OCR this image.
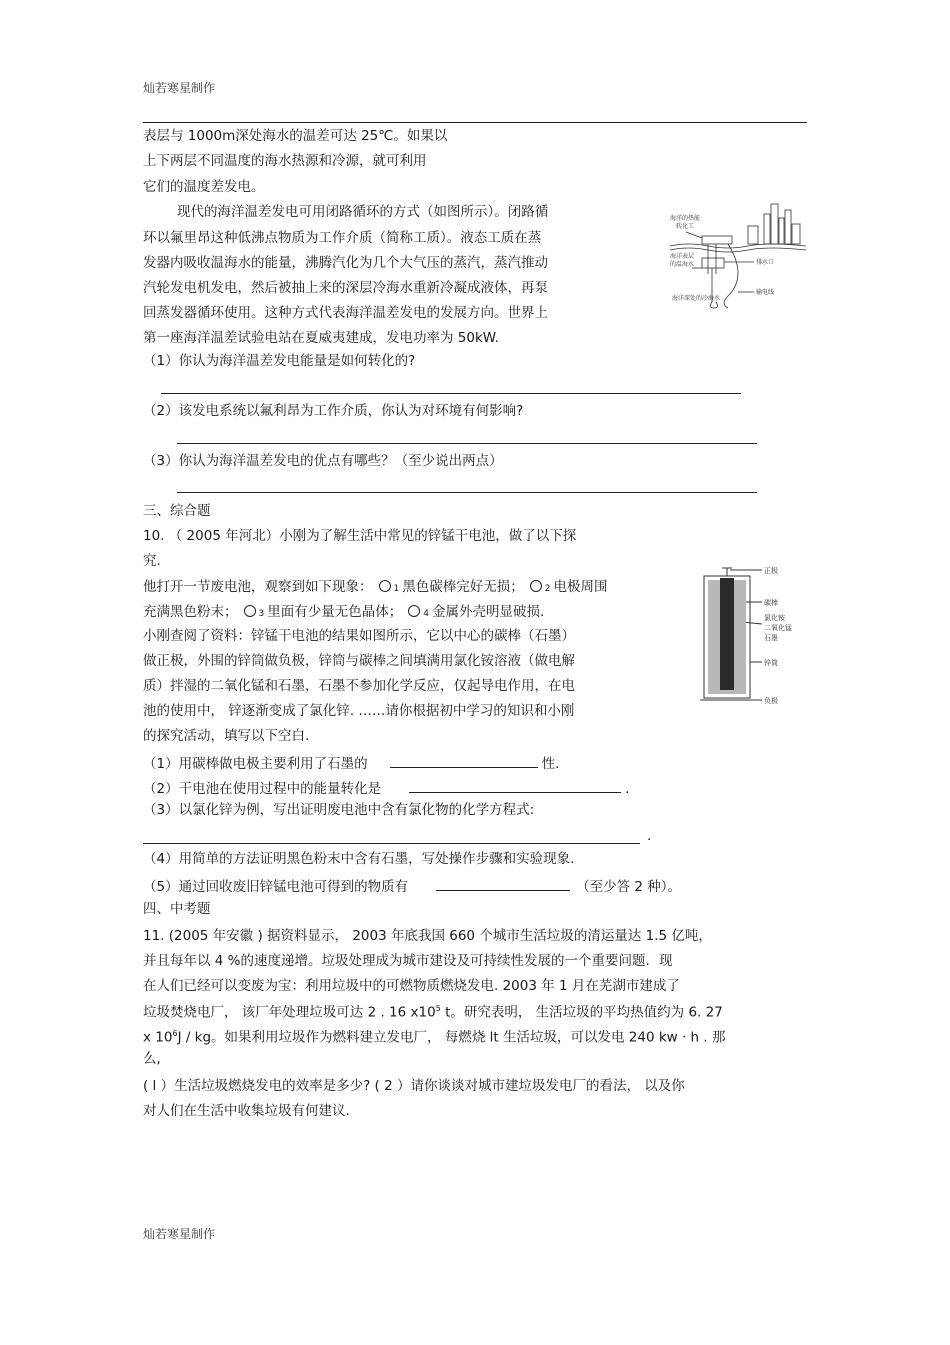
灿若寒星制作
灿若寒星制作
表层与 1000m深处海水的温差可达 25℃。如果以
上下两层不同温度的海水热源和冷源，就可利用
它们的温度差发电。
现代的海洋温差发电可用闭路循环的方式（如图所示）。闭路循
环以氟里昂这种低沸点物质为工作介质（简称工质）。液态工质在蒸
发器内吸收温海水的能量，沸腾汽化为几个大气压的蒸汽，蒸汽推动
汽轮发电机发电，然后被抽上来的深层冷海水重新冷凝成液体，再泵
回蒸发器循环使用。这种方式代表海洋温差发电的发展方向。世界上
第一座海洋温差试验电站在夏威夷建成，发电功率为 50kW.
（1）你认为海洋温差发电能量是如何转化的?
（2）该发电系统以氟利昂为工作介质，你认为对环境有何影响?
（3）你认为海洋温差发电的优点有哪些？（至少说出两点）
海洋的热能
转化工
海洋表层
的温海水	排水口
输电线
海洋深处的冷海水
三、综合题
10. （ 2005 年河北）小刚为了解生活中常见的锌锰干电池，做了以下探
究.
他打开一节废电池，观察到如下现象： 1 黑色碳棒完好无损； 2 电极周围
充满黑色粉末； 3 里面有少量无色晶体； 4 金属外壳明显破损.
小刚查阅了资料：锌锰干电池的结果如图所示，它以中心的碳棒（石墨）
做正极，外围的锌筒做负极，锌筒与碳棒之间填满用氯化铵溶液（做电解
质）拌湿的二氧化锰和石墨，石墨不参加化学反应，仅起导电作用，在电
池的使用中， 锌逐渐变成了氯化锌. ……请你根据初中学习的知识和小刚
的探究活动，填写以下空白.
（1）用碳棒做电极主要利用了石墨的	性.
（2）干电池在使用过程中的能量转化是	.
（3）以氯化锌为例，写出证明废电池中含有氯化物的化学方程式:
.
（4）用简单的方法证明黑色粉末中含有石墨，写处操作步骤和实验现象.
（5）通过回收废旧锌锰电池可得到的物质有	（至少答 2 种）。
正极
碳棒
氯化铵
二氧化锰
石墨
锌筒
负极
四、中考题
11. (2005 年安徽 ) 据资料显示， 2003 年底我国 660 个城市生活垃圾的清运量达 1.5 亿吨，
并且每年以 4 %的速度递增。垃圾处理成为城市建设及可持续性发展的一个重要问题．现
在人们已经可以变废为宝：利用垃圾中的可燃物质燃烧发电. 2003 年 1 月在芜湖市建成了
垃圾焚烧电厂， 该厂年处理垃圾可达 2 . 16 $x10^5$ t。研究表明， 生活垃圾的平均热值约为 6. 27
x $10^6J$ / kg。如果利用垃圾作为燃料建立发电厂， 每燃烧 lt 生活垃圾，可以发电 240 kw · h . 那
么,
( l ）生活垃圾燃烧发电的效率是多少? ( 2 ）请你谈谈对城市建垃圾发电厂的看法， 以及你
对人们在生活中收集垃圾有何建议.
